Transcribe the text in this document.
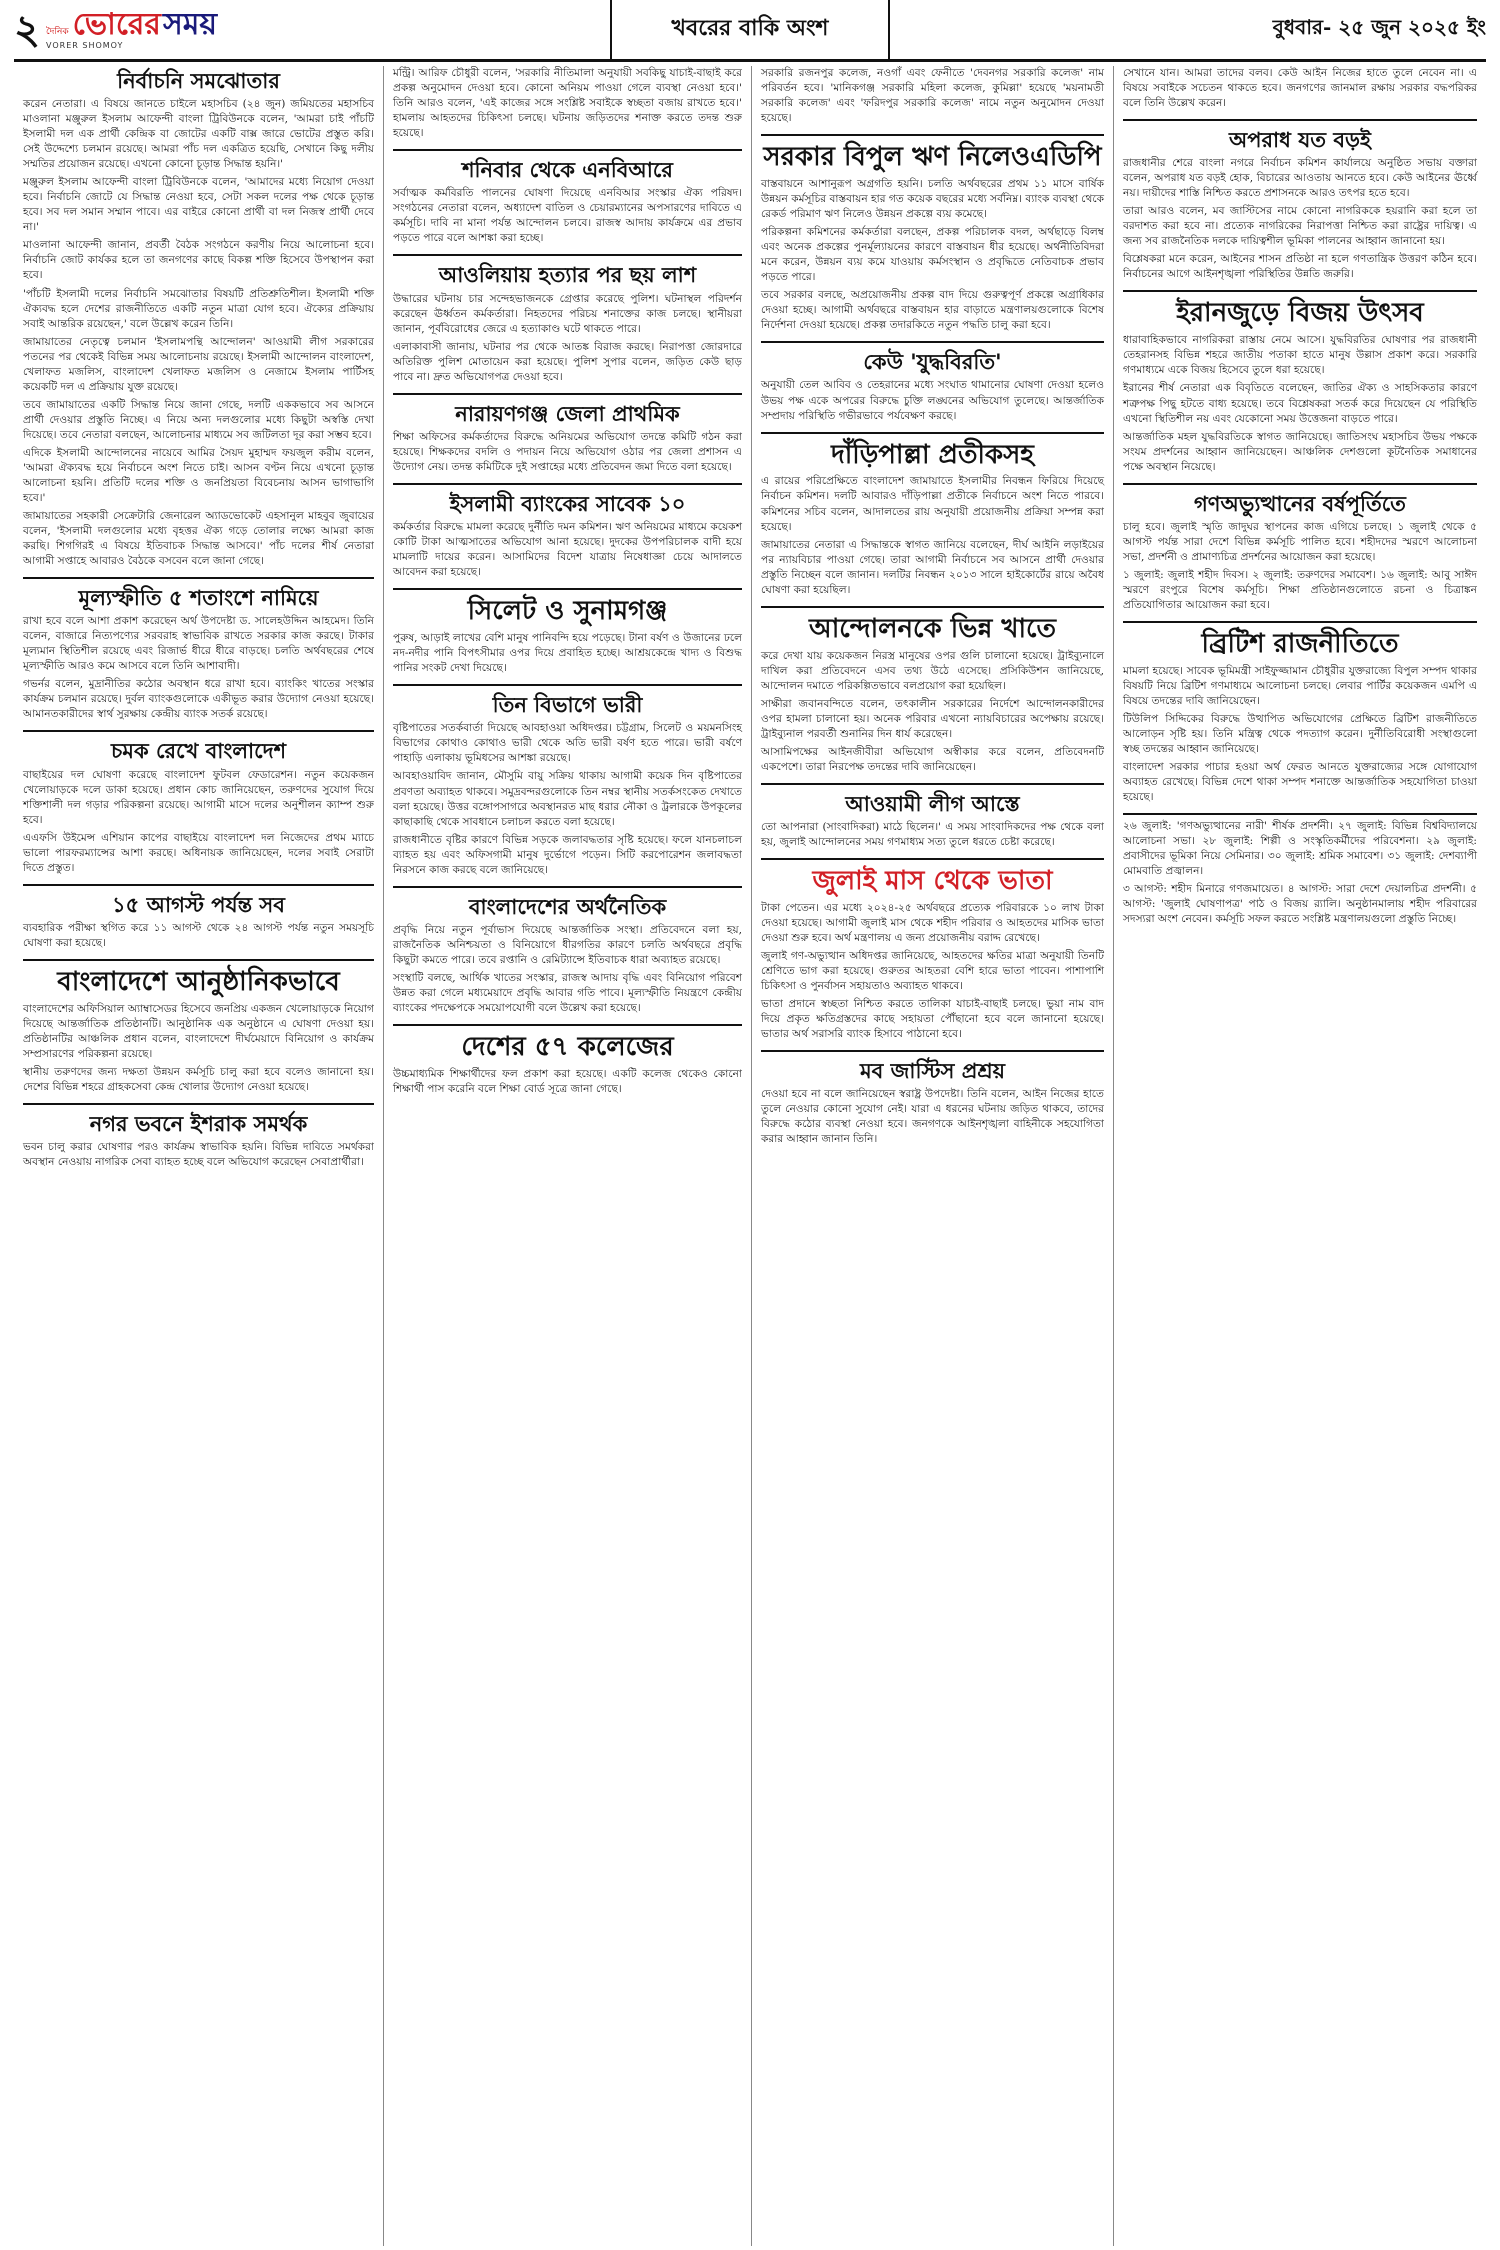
২ দৈনিক ভোরের সময়
VORER SHOMOY
খবরের বাকি অংশ	বুধবার- ২৫ জুন ২০২৫ ইং
নির্বাচনি সমঝোতার

করেন নেতারা। এ বিষয়ে জানতে চাইলে মহাসচিব (২৪ জুন) জমিয়তের মহাসচিব মাওলানা মঞ্জুরুল ইসলাম আফেন্দী বাংলা ট্রিবিউনকে বলেন, 'আমরা চাই পাঁচটি ইসলামী দল এক প্রার্থী কেন্দ্রিক বা জোটের একটি বাক্স জারে ভোটের প্রস্তুত করি। সেই উদ্দেশ্যে চলমান রয়েছে। আমরা পাঁচ দল একত্রিত হয়েছি, সেখানে কিছু দলীয় সম্মতির প্রয়োজন রয়েছে। এখনো কোনো চূড়ান্ত সিদ্ধান্ত হয়নি।'

মঞ্জুরুল ইসলাম আফেন্দী বাংলা ট্রিবিউনকে বলেন, 'আমাদের মধ্যে নিয়োগ দেওয়া হবে। নির্বাচনি জোটে যে সিদ্ধান্ত নেওয়া হবে, সেটা সকল দলের পক্ষ থেকে চূড়ান্ত হবে। সব দল সমান সম্মান পাবে। এর বাইরে কোনো প্রার্থী বা দল নিজস্ব প্রার্থী দেবে না।'

মাওলানা আফেন্দী জানান, প্রবর্তী বৈঠক সংগঠনে করণীয় নিয়ে আলোচনা হবে। নির্বাচনি জোট কার্যকর হলে তা জনগণের কাছে বিকল্প শক্তি হিসেবে উপস্থাপন করা হবে।

'পাঁচটি ইসলামী দলের নির্বাচনি সমঝোতার বিষয়টি প্রতিশ্রুতিশীল। ইসলামী শক্তি ঐক্যবদ্ধ হলে দেশের রাজনীতিতে একটি নতুন মাত্রা যোগ হবে। ঐক্যের প্রক্রিয়ায় সবাই আন্তরিক রয়েছেন,' বলে উল্লেখ করেন তিনি।

জামায়াতের নেতৃত্বে চলমান 'ইসলামপন্থি আন্দোলন' আওয়ামী লীগ সরকারের পতনের পর থেকেই বিভিন্ন সময় আলোচনায় রয়েছে। ইসলামী আন্দোলন বাংলাদেশ, খেলাফত মজলিস, বাংলাদেশ খেলাফত মজলিস ও নেজামে ইসলাম পার্টিসহ কয়েকটি দল এ প্রক্রিয়ায় যুক্ত রয়েছে।

তবে জামায়াতের একটি সিদ্ধান্ত নিয়ে জানা গেছে, দলটি এককভাবে সব আসনে প্রার্থী দেওয়ার প্রস্তুতি নিচ্ছে। এ নিয়ে অন্য দলগুলোর মধ্যে কিছুটা অস্বস্তি দেখা দিয়েছে। তবে নেতারা বলছেন, আলোচনার মাধ্যমে সব জটিলতা দূর করা সম্ভব হবে।

এদিকে ইসলামী আন্দোলনের নায়েবে আমির সৈয়দ মুহাম্মদ ফয়জুল করীম বলেন, 'আমরা ঐক্যবদ্ধ হয়ে নির্বাচনে অংশ নিতে চাই। আসন বণ্টন নিয়ে এখনো চূড়ান্ত আলোচনা হয়নি। প্রতিটি দলের শক্তি ও জনপ্রিয়তা বিবেচনায় আসন ভাগাভাগি হবে।'

জামায়াতের সহকারী সেক্রেটারি জেনারেল অ্যাডভোকেট এহসানুল মাহবুব জুবায়ের বলেন, 'ইসলামী দলগুলোর মধ্যে বৃহত্তর ঐক্য গড়ে তোলার লক্ষ্যে আমরা কাজ করছি। শিগগিরই এ বিষয়ে ইতিবাচক সিদ্ধান্ত আসবে।' পাঁচ দলের শীর্ষ নেতারা আগামী সপ্তাহে আবারও বৈঠকে বসবেন বলে জানা গেছে।

মূল্যস্ফীতি ৫ শতাংশে নামিয়ে

রাখা হবে বলে আশা প্রকাশ করেছেন অর্থ উপদেষ্টা ড. সালেহউদ্দিন আহমেদ। তিনি বলেন, বাজারে নিত্যপণ্যের সরবরাহ স্বাভাবিক রাখতে সরকার কাজ করছে। টাকার মূল্যমান স্থিতিশীল রয়েছে এবং রিজার্ভ ধীরে ধীরে বাড়ছে। চলতি অর্থবছরের শেষে মূল্যস্ফীতি আরও কমে আসবে বলে তিনি আশাবাদী।

গভর্নর বলেন, মুদ্রানীতির কঠোর অবস্থান ধরে রাখা হবে। ব্যাংকিং খাতের সংস্কার কার্যক্রম চলমান রয়েছে। দুর্বল ব্যাংকগুলোকে একীভূত করার উদ্যোগ নেওয়া হয়েছে। আমানতকারীদের স্বার্থ সুরক্ষায় কেন্দ্রীয় ব্যাংক সতর্ক রয়েছে।

চমক রেখে বাংলাদেশ

বাছাইয়ের দল ঘোষণা করেছে বাংলাদেশ ফুটবল ফেডারেশন। নতুন কয়েকজন খেলোয়াড়কে দলে ডাকা হয়েছে। প্রধান কোচ জানিয়েছেন, তরুণদের সুযোগ দিয়ে শক্তিশালী দল গড়ার পরিকল্পনা রয়েছে। আগামী মাসে দলের অনুশীলন ক্যাম্প শুরু হবে।

এএফসি উইমেন্স এশিয়ান কাপের বাছাইয়ে বাংলাদেশ দল নিজেদের প্রথম ম্যাচে ভালো পারফরম্যান্সের আশা করছে। অধিনায়ক জানিয়েছেন, দলের সবাই সেরাটা দিতে প্রস্তুত।

১৫ আগস্ট পর্যন্ত সব

ব্যবহারিক পরীক্ষা স্থগিত করে ১১ আগস্ট থেকে ২৪ আগস্ট পর্যন্ত নতুন সময়সূচি ঘোষণা করা হয়েছে।

বাংলাদেশে আনুষ্ঠানিকভাবে

বাংলাদেশের অফিসিয়াল অ্যাম্বাসেডর হিসেবে জনপ্রিয় একজন খেলোয়াড়কে নিয়োগ দিয়েছে আন্তর্জাতিক প্রতিষ্ঠানটি। আনুষ্ঠানিক এক অনুষ্ঠানে এ ঘোষণা দেওয়া হয়। প্রতিষ্ঠানটির আঞ্চলিক প্রধান বলেন, বাংলাদেশে দীর্ঘমেয়াদে বিনিয়োগ ও কার্যক্রম সম্প্রসারণের পরিকল্পনা রয়েছে।

স্থানীয় তরুণদের জন্য দক্ষতা উন্নয়ন কর্মসূচি চালু করা হবে বলেও জানানো হয়। দেশের বিভিন্ন শহরে গ্রাহকসেবা কেন্দ্র খোলার উদ্যোগ নেওয়া হয়েছে।

নগর ভবনে ইশরাক সমর্থক

ভবন চালু করার ঘোষণার পরও কার্যক্রম স্বাভাবিক হয়নি। বিভিন্ন দাবিতে সমর্থকরা অবস্থান নেওয়ায় নাগরিক সেবা ব্যাহত হচ্ছে বলে অভিযোগ করেছেন সেবাপ্রার্থীরা।

মন্ট্রি। আরিফ চৌধুরী বলেন, 'সরকারি নীতিমালা অনুযায়ী সবকিছু যাচাই-বাছাই করে প্রকল্প অনুমোদন দেওয়া হবে। কোনো অনিয়ম পাওয়া গেলে ব্যবস্থা নেওয়া হবে।' তিনি আরও বলেন, 'এই কাজের সঙ্গে সংশ্লিষ্ট সবাইকে স্বচ্ছতা বজায় রাখতে হবে।' হামলায় আহতদের চিকিৎসা চলছে। ঘটনায় জড়িতদের শনাক্ত করতে তদন্ত শুরু হয়েছে।

শনিবার থেকে এনবিআরে

সর্বাত্মক কর্মবিরতি পালনের ঘোষণা দিয়েছে এনবিআর সংস্কার ঐক্য পরিষদ। সংগঠনের নেতারা বলেন, অধ্যাদেশ বাতিল ও চেয়ারম্যানের অপসারণের দাবিতে এ কর্মসূচি। দাবি না মানা পর্যন্ত আন্দোলন চলবে। রাজস্ব আদায় কার্যক্রমে এর প্রভাব পড়তে পারে বলে আশঙ্কা করা হচ্ছে।

আওলিয়ায় হত্যার পর ছয় লাশ

উদ্ধারের ঘটনায় চার সন্দেহভাজনকে গ্রেপ্তার করেছে পুলিশ। ঘটনাস্থল পরিদর্শন করেছেন ঊর্ধ্বতন কর্মকর্তারা। নিহতদের পরিচয় শনাক্তের কাজ চলছে। স্থানীয়রা জানান, পূর্ববিরোধের জেরে এ হত্যাকাণ্ড ঘটে থাকতে পারে।

এলাকাবাসী জানায়, ঘটনার পর থেকে আতঙ্ক বিরাজ করছে। নিরাপত্তা জোরদারে অতিরিক্ত পুলিশ মোতায়েন করা হয়েছে। পুলিশ সুপার বলেন, জড়িত কেউ ছাড় পাবে না। দ্রুত অভিযোগপত্র দেওয়া হবে।

নারায়ণগঞ্জ জেলা প্রাথমিক

শিক্ষা অফিসের কর্মকর্তাদের বিরুদ্ধে অনিয়মের অভিযোগ তদন্তে কমিটি গঠন করা হয়েছে। শিক্ষকদের বদলি ও পদায়ন নিয়ে অভিযোগ ওঠার পর জেলা প্রশাসন এ উদ্যোগ নেয়। তদন্ত কমিটিকে দুই সপ্তাহের মধ্যে প্রতিবেদন জমা দিতে বলা হয়েছে।

ইসলামী ব্যাংকের সাবেক ১০

কর্মকর্তার বিরুদ্ধে মামলা করেছে দুর্নীতি দমন কমিশন। ঋণ অনিয়মের মাধ্যমে কয়েকশ কোটি টাকা আত্মসাতের অভিযোগ আনা হয়েছে। দুদকের উপপরিচালক বাদী হয়ে মামলাটি দায়ের করেন। আসামিদের বিদেশ যাত্রায় নিষেধাজ্ঞা চেয়ে আদালতে আবেদন করা হয়েছে।

সিলেট ও সুনামগঞ্জ

পুরুষ, আড়াই লাখের বেশি মানুষ পানিবন্দি হয়ে পড়েছে। টানা বর্ষণ ও উজানের ঢলে নদ-নদীর পানি বিপৎসীমার ওপর দিয়ে প্রবাহিত হচ্ছে। আশ্রয়কেন্দ্রে খাদ্য ও বিশুদ্ধ পানির সংকট দেখা দিয়েছে।

তিন বিভাগে ভারী

বৃষ্টিপাতের সতর্কবার্তা দিয়েছে আবহাওয়া অধিদপ্তর। চট্টগ্রাম, সিলেট ও ময়মনসিংহ বিভাগের কোথাও কোথাও ভারী থেকে অতি ভারী বর্ষণ হতে পারে। ভারী বর্ষণে পাহাড়ি এলাকায় ভূমিধসের আশঙ্কা রয়েছে।

আবহাওয়াবিদ জানান, মৌসুমি বায়ু সক্রিয় থাকায় আগামী কয়েক দিন বৃষ্টিপাতের প্রবণতা অব্যাহত থাকবে। সমুদ্রবন্দরগুলোকে তিন নম্বর স্থানীয় সতর্কসংকেত দেখাতে বলা হয়েছে। উত্তর বঙ্গোপসাগরে অবস্থানরত মাছ ধরার নৌকা ও ট্রলারকে উপকূলের কাছাকাছি থেকে সাবধানে চলাচল করতে বলা হয়েছে।

রাজধানীতে বৃষ্টির কারণে বিভিন্ন সড়কে জলাবদ্ধতার সৃষ্টি হয়েছে। ফলে যানচলাচল ব্যাহত হয় এবং অফিসগামী মানুষ দুর্ভোগে পড়েন। সিটি করপোরেশন জলাবদ্ধতা নিরসনে কাজ করছে বলে জানিয়েছে।

বাংলাদেশের অর্থনৈতিক

প্রবৃদ্ধি নিয়ে নতুন পূর্বাভাস দিয়েছে আন্তর্জাতিক সংস্থা। প্রতিবেদনে বলা হয়, রাজনৈতিক অনিশ্চয়তা ও বিনিয়োগে ধীরগতির কারণে চলতি অর্থবছরে প্রবৃদ্ধি কিছুটা কমতে পারে। তবে রপ্তানি ও রেমিট্যান্সে ইতিবাচক ধারা অব্যাহত রয়েছে।

সংস্থাটি বলছে, আর্থিক খাতের সংস্কার, রাজস্ব আদায় বৃদ্ধি এবং বিনিয়োগ পরিবেশ উন্নত করা গেলে মধ্যমেয়াদে প্রবৃদ্ধি আবার গতি পাবে। মূল্যস্ফীতি নিয়ন্ত্রণে কেন্দ্রীয় ব্যাংকের পদক্ষেপকে সময়োপযোগী বলে উল্লেখ করা হয়েছে।

দেশের ৫৭ কলেজের

উচ্চমাধ্যমিক শিক্ষার্থীদের ফল প্রকাশ করা হয়েছে। একটি কলেজ থেকেও কোনো শিক্ষার্থী পাস করেনি বলে শিক্ষা বোর্ড সূত্রে জানা গেছে।

সরকারি রজনপুর কলেজ, নওগাঁ এবং ফেনীতে 'দেবনগর সরকারি কলেজ' নাম পরিবর্তন হবে। 'মানিকগঞ্জ সরকারি মহিলা কলেজ, কুমিল্লা' হয়েছে 'ময়নামতী সরকারি কলেজ' এবং 'ফরিদপুর সরকারি কলেজ' নামে নতুন অনুমোদন দেওয়া হয়েছে।

সরকার বিপুল ঋণ নিলেওএডিপি

বাস্তবায়নে আশানুরূপ অগ্রগতি হয়নি। চলতি অর্থবছরের প্রথম ১১ মাসে বার্ষিক উন্নয়ন কর্মসূচির বাস্তবায়ন হার গত কয়েক বছরের মধ্যে সর্বনিম্ন। ব্যাংক ব্যবস্থা থেকে রেকর্ড পরিমাণ ঋণ নিলেও উন্নয়ন প্রকল্পে ব্যয় কমেছে।

পরিকল্পনা কমিশনের কর্মকর্তারা বলছেন, প্রকল্প পরিচালক বদল, অর্থছাড়ে বিলম্ব এবং অনেক প্রকল্পের পুনর্মূল্যায়নের কারণে বাস্তবায়ন ধীর হয়েছে। অর্থনীতিবিদরা মনে করেন, উন্নয়ন ব্যয় কমে যাওয়ায় কর্মসংস্থান ও প্রবৃদ্ধিতে নেতিবাচক প্রভাব পড়তে পারে।

তবে সরকার বলছে, অপ্রয়োজনীয় প্রকল্প বাদ দিয়ে গুরুত্বপূর্ণ প্রকল্পে অগ্রাধিকার দেওয়া হচ্ছে। আগামী অর্থবছরে বাস্তবায়ন হার বাড়াতে মন্ত্রণালয়গুলোকে বিশেষ নির্দেশনা দেওয়া হয়েছে। প্রকল্প তদারকিতে নতুন পদ্ধতি চালু করা হবে।

কেউ 'যুদ্ধবিরতি'

অনুযায়ী তেল আবিব ও তেহরানের মধ্যে সংঘাত থামানোর ঘোষণা দেওয়া হলেও উভয় পক্ষ একে অপরের বিরুদ্ধে চুক্তি লঙ্ঘনের অভিযোগ তুলেছে। আন্তর্জাতিক সম্প্রদায় পরিস্থিতি গভীরভাবে পর্যবেক্ষণ করছে।

দাঁড়িপাল্লা প্রতীকসহ

এ রায়ের পরিপ্রেক্ষিতে বাংলাদেশ জামায়াতে ইসলামীর নিবন্ধন ফিরিয়ে দিয়েছে নির্বাচন কমিশন। দলটি আবারও দাঁড়িপাল্লা প্রতীকে নির্বাচনে অংশ নিতে পারবে। কমিশনের সচিব বলেন, আদালতের রায় অনুযায়ী প্রয়োজনীয় প্রক্রিয়া সম্পন্ন করা হয়েছে।

জামায়াতের নেতারা এ সিদ্ধান্তকে স্বাগত জানিয়ে বলেছেন, দীর্ঘ আইনি লড়াইয়ের পর ন্যায়বিচার পাওয়া গেছে। তারা আগামী নির্বাচনে সব আসনে প্রার্থী দেওয়ার প্রস্তুতি নিচ্ছেন বলে জানান। দলটির নিবন্ধন ২০১৩ সালে হাইকোর্টের রায়ে অবৈধ ঘোষণা করা হয়েছিল।

আন্দোলনকে ভিন্ন খাতে

করে দেখা যায় কয়েকজন নিরস্ত্র মানুষের ওপর গুলি চালানো হয়েছে। ট্রাইব্যুনালে দাখিল করা প্রতিবেদনে এসব তথ্য উঠে এসেছে। প্রসিকিউশন জানিয়েছে, আন্দোলন দমাতে পরিকল্পিতভাবে বলপ্রয়োগ করা হয়েছিল।

সাক্ষীরা জবানবন্দিতে বলেন, তৎকালীন সরকারের নির্দেশে আন্দোলনকারীদের ওপর হামলা চালানো হয়। অনেক পরিবার এখনো ন্যায়বিচারের অপেক্ষায় রয়েছে। ট্রাইব্যুনাল পরবর্তী শুনানির দিন ধার্য করেছেন।

আসামিপক্ষের আইনজীবীরা অভিযোগ অস্বীকার করে বলেন, প্রতিবেদনটি একপেশে। তারা নিরপেক্ষ তদন্তের দাবি জানিয়েছেন।

আওয়ামী লীগ আস্তে

তো আপনারা (সাংবাদিকরা) মাঠে ছিলেন।' এ সময় সাংবাদিকদের পক্ষ থেকে বলা হয়, জুলাই আন্দোলনের সময় গণমাধ্যম সত্য তুলে ধরতে চেষ্টা করেছে।

জুলাই মাস থেকে ভাতা

টাকা পেতেন। এর মধ্যে ২০২৪-২৫ অর্থবছরে প্রত্যেক পরিবারকে ১০ লাখ টাকা দেওয়া হয়েছে। আগামী জুলাই মাস থেকে শহীদ পরিবার ও আহতদের মাসিক ভাতা দেওয়া শুরু হবে। অর্থ মন্ত্রণালয় এ জন্য প্রয়োজনীয় বরাদ্দ রেখেছে।

জুলাই গণ-অভ্যুত্থান অধিদপ্তর জানিয়েছে, আহতদের ক্ষতির মাত্রা অনুযায়ী তিনটি শ্রেণিতে ভাগ করা হয়েছে। গুরুতর আহতরা বেশি হারে ভাতা পাবেন। পাশাপাশি চিকিৎসা ও পুনর্বাসন সহায়তাও অব্যাহত থাকবে।

ভাতা প্রদানে স্বচ্ছতা নিশ্চিত করতে তালিকা যাচাই-বাছাই চলছে। ভুয়া নাম বাদ দিয়ে প্রকৃত ক্ষতিগ্রস্তদের কাছে সহায়তা পৌঁছানো হবে বলে জানানো হয়েছে। ভাতার অর্থ সরাসরি ব্যাংক হিসাবে পাঠানো হবে।

মব জাস্টিস প্রশ্রয়

দেওয়া হবে না বলে জানিয়েছেন স্বরাষ্ট্র উপদেষ্টা। তিনি বলেন, আইন নিজের হাতে তুলে নেওয়ার কোনো সুযোগ নেই। যারা এ ধরনের ঘটনায় জড়িত থাকবে, তাদের বিরুদ্ধে কঠোর ব্যবস্থা নেওয়া হবে। জনগণকে আইনশৃঙ্খলা বাহিনীকে সহযোগিতা করার আহ্বান জানান তিনি।

সেখানে যান। আমরা তাদের বলব। কেউ আইন নিজের হাতে তুলে নেবেন না। এ বিষয়ে সবাইকে সচেতন থাকতে হবে। জনগণের জানমাল রক্ষায় সরকার বদ্ধপরিকর বলে তিনি উল্লেখ করেন।

অপরাধ যত বড়ই

রাজধানীর শেরে বাংলা নগরে নির্বাচন কমিশন কার্যালয়ে অনুষ্ঠিত সভায় বক্তারা বলেন, অপরাধ যত বড়ই হোক, বিচারের আওতায় আনতে হবে। কেউ আইনের ঊর্ধ্বে নয়। দায়ীদের শাস্তি নিশ্চিত করতে প্রশাসনকে আরও তৎপর হতে হবে।

তারা আরও বলেন, মব জাস্টিসের নামে কোনো নাগরিককে হয়রানি করা হলে তা বরদাশত করা হবে না। প্রত্যেক নাগরিকের নিরাপত্তা নিশ্চিত করা রাষ্ট্রের দায়িত্ব। এ জন্য সব রাজনৈতিক দলকে দায়িত্বশীল ভূমিকা পালনের আহ্বান জানানো হয়।

বিশ্লেষকরা মনে করেন, আইনের শাসন প্রতিষ্ঠা না হলে গণতান্ত্রিক উত্তরণ কঠিন হবে। নির্বাচনের আগে আইনশৃঙ্খলা পরিস্থিতির উন্নতি জরুরি।

ইরানজুড়ে বিজয় উৎসব

ধারাবাহিকভাবে নাগরিকরা রাস্তায় নেমে আসে। যুদ্ধবিরতির ঘোষণার পর রাজধানী তেহরানসহ বিভিন্ন শহরে জাতীয় পতাকা হাতে মানুষ উল্লাস প্রকাশ করে। সরকারি গণমাধ্যমে একে বিজয় হিসেবে তুলে ধরা হয়েছে।

ইরানের শীর্ষ নেতারা এক বিবৃতিতে বলেছেন, জাতির ঐক্য ও সাহসিকতার কারণে শত্রুপক্ষ পিছু হটতে বাধ্য হয়েছে। তবে বিশ্লেষকরা সতর্ক করে দিয়েছেন যে পরিস্থিতি এখনো স্থিতিশীল নয় এবং যেকোনো সময় উত্তেজনা বাড়তে পারে।

আন্তর্জাতিক মহল যুদ্ধবিরতিকে স্বাগত জানিয়েছে। জাতিসংঘ মহাসচিব উভয় পক্ষকে সংযম প্রদর্শনের আহ্বান জানিয়েছেন। আঞ্চলিক দেশগুলো কূটনৈতিক সমাধানের পক্ষে অবস্থান নিয়েছে।

গণঅভ্যুত্থানের বর্ষপূর্তিতে

চালু হবে। জুলাই স্মৃতি জাদুঘর স্থাপনের কাজ এগিয়ে চলছে। ১ জুলাই থেকে ৫ আগস্ট পর্যন্ত সারা দেশে বিভিন্ন কর্মসূচি পালিত হবে। শহীদদের স্মরণে আলোচনা সভা, প্রদর্শনী ও প্রামাণ্যচিত্র প্রদর্শনের আয়োজন করা হয়েছে।

১ জুলাই: জুলাই শহীদ দিবস। ২ জুলাই: তরুণদের সমাবেশ। ১৬ জুলাই: আবু সাঈদ স্মরণে রংপুরে বিশেষ কর্মসূচি। শিক্ষা প্রতিষ্ঠানগুলোতে রচনা ও চিত্রাঙ্কন প্রতিযোগিতার আয়োজন করা হবে।

ব্রিটিশ রাজনীতিতে

মামলা হয়েছে। সাবেক ভূমিমন্ত্রী সাইফুজ্জামান চৌধুরীর যুক্তরাজ্যে বিপুল সম্পদ থাকার বিষয়টি নিয়ে ব্রিটিশ গণমাধ্যমে আলোচনা চলছে। লেবার পার্টির কয়েকজন এমপি এ বিষয়ে তদন্তের দাবি জানিয়েছেন।

টিউলিপ সিদ্দিকের বিরুদ্ধে উত্থাপিত অভিযোগের প্রেক্ষিতে ব্রিটিশ রাজনীতিতে আলোড়ন সৃষ্টি হয়। তিনি মন্ত্রিত্ব থেকে পদত্যাগ করেন। দুর্নীতিবিরোধী সংস্থাগুলো স্বচ্ছ তদন্তের আহ্বান জানিয়েছে।

বাংলাদেশ সরকার পাচার হওয়া অর্থ ফেরত আনতে যুক্তরাজ্যের সঙ্গে যোগাযোগ অব্যাহত রেখেছে। বিভিন্ন দেশে থাকা সম্পদ শনাক্তে আন্তর্জাতিক সহযোগিতা চাওয়া হয়েছে।

২৬ জুলাই: 'গণঅভ্যুত্থানের নারী' শীর্ষক প্রদর্শনী। ২৭ জুলাই: বিভিন্ন বিশ্ববিদ্যালয়ে আলোচনা সভা। ২৮ জুলাই: শিল্পী ও সংস্কৃতিকর্মীদের পরিবেশনা। ২৯ জুলাই: প্রবাসীদের ভূমিকা নিয়ে সেমিনার। ৩০ জুলাই: শ্রমিক সমাবেশ। ৩১ জুলাই: দেশব্যাপী মোমবাতি প্রজ্বালন।

৩ আগস্ট: শহীদ মিনারে গণজমায়েত। ৪ আগস্ট: সারা দেশে দেয়ালচিত্র প্রদর্শনী। ৫ আগস্ট: 'জুলাই ঘোষণাপত্র' পাঠ ও বিজয় র‍্যালি। অনুষ্ঠানমালায় শহীদ পরিবারের সদস্যরা অংশ নেবেন। কর্মসূচি সফল করতে সংশ্লিষ্ট মন্ত্রণালয়গুলো প্রস্তুতি নিচ্ছে।
